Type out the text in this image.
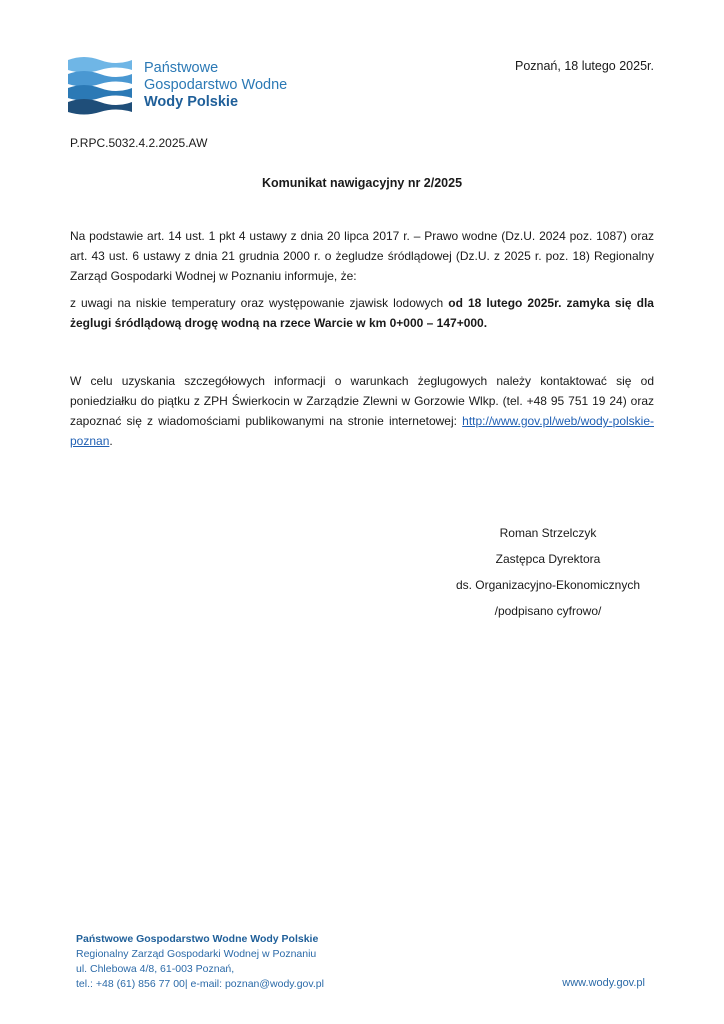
Państwowe
Gospodarstwo Wodne
Wody Polskie
Poznań, 18 lutego 2025r.
P.RPC.5032.4.2.2025.AW
Komunikat nawigacyjny nr 2/2025

Na podstawie art. 14 ust. 1 pkt 4 ustawy z dnia 20 lipca 2017 r. – Prawo wodne (Dz.U. 2024 poz. 1087) oraz art. 43 ust. 6 ustawy z dnia 21 grudnia 2000 r. o żegludze śródlądowej (Dz.U. z 2025 r. poz. 18) Regionalny Zarząd Gospodarki Wodnej w Poznaniu informuje, że:

z uwagi na niskie temperatury oraz występowanie zjawisk lodowych od 18 lutego 2025r. zamyka się dla żeglugi śródlądową drogę wodną na rzece Warcie w km 0+000 – 147+000.

W celu uzyskania szczegółowych informacji o warunkach żeglugowych należy kontaktować się od poniedziałku do piątku z ZPH Świerkocin w Zarządzie Zlewni w Gorzowie Wlkp. (tel. +48 95 751 19 24) oraz zapoznać się z wiadomościami publikowanymi na stronie internetowej: http://www.gov.pl/web/wody-polskie-poznan.

Roman Strzelczyk
Zastępca Dyrektora
ds. Organizacyjno-Ekonomicznych
/podpisano cyfrowo/
Państwowe Gospodarstwo Wodne Wody Polskie
Regionalny Zarząd Gospodarki Wodnej w Poznaniu
ul. Chlebowa 4/8, 61-003 Poznań,
tel.: +48 (61) 856 77 00| e-mail: poznan@wody.gov.pl	www.wody.gov.pl
